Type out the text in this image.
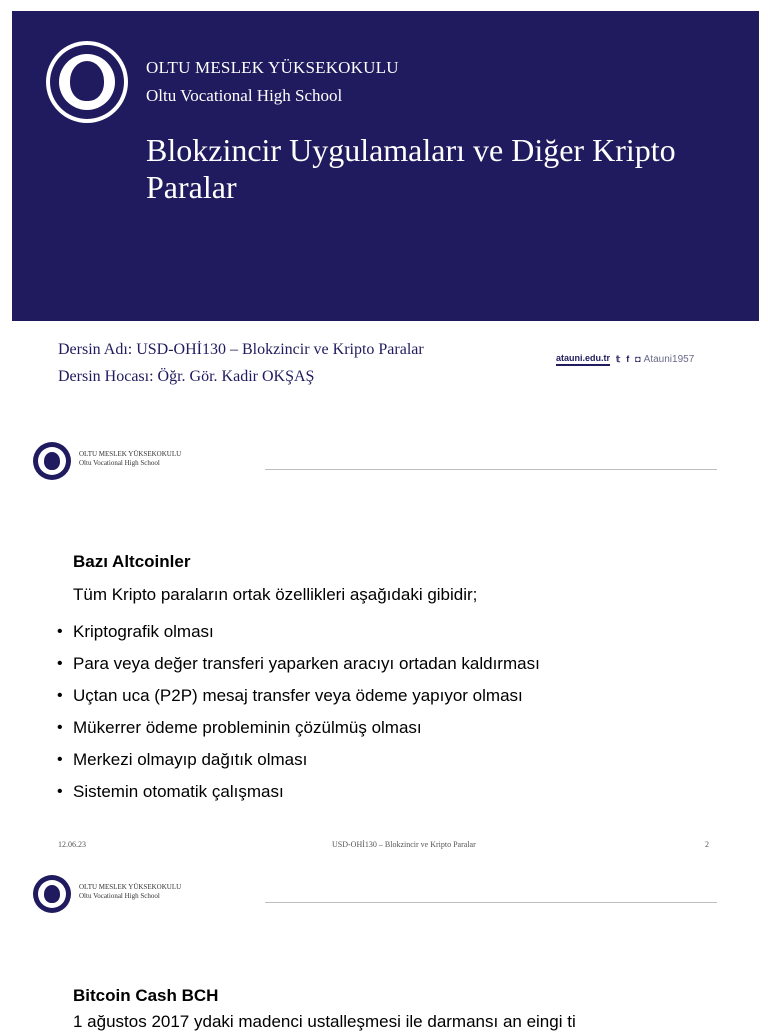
OLTU MESLEK YÜKSEKOKULU
Oltu Vocational High School
Blokzincir Uygulamaları ve Diğer Kripto Paralar
Dersin Adı: USD-OHİ130 – Blokzincir ve Kripto Paralar
Dersin Hocası: Öğr. Gör. Kadir OKŞAŞ
atauni.edu.tr 𝕥 f ◘ Atauni1957
OLTU MESLEK YÜKSEKOKULU
Oltu Vocational High School
Bazı Altcoinler
Tüm Kripto paraların ortak özellikleri aşağıdaki gibidir;
• Kriptografik olması
• Para veya değer transferi yaparken aracıyı ortadan kaldırması
• Uçtan uca (P2P) mesaj transfer veya ödeme yapıyor olması
• Mükerrer ödeme probleminin çözülmüş olması
• Merkezi olmayıp dağıtık olması
• Sistemin otomatik çalışması
12.06.23	USD-OHİ130 – Blokzincir ve Kripto Paralar	2
OLTU MESLEK YÜKSEKOKULU
Oltu Vocational High School
Bitcoin Cash BCH
1 ağustos 2017 ydaki madenci ustalleşmesi ile darmansı an eingi ti
